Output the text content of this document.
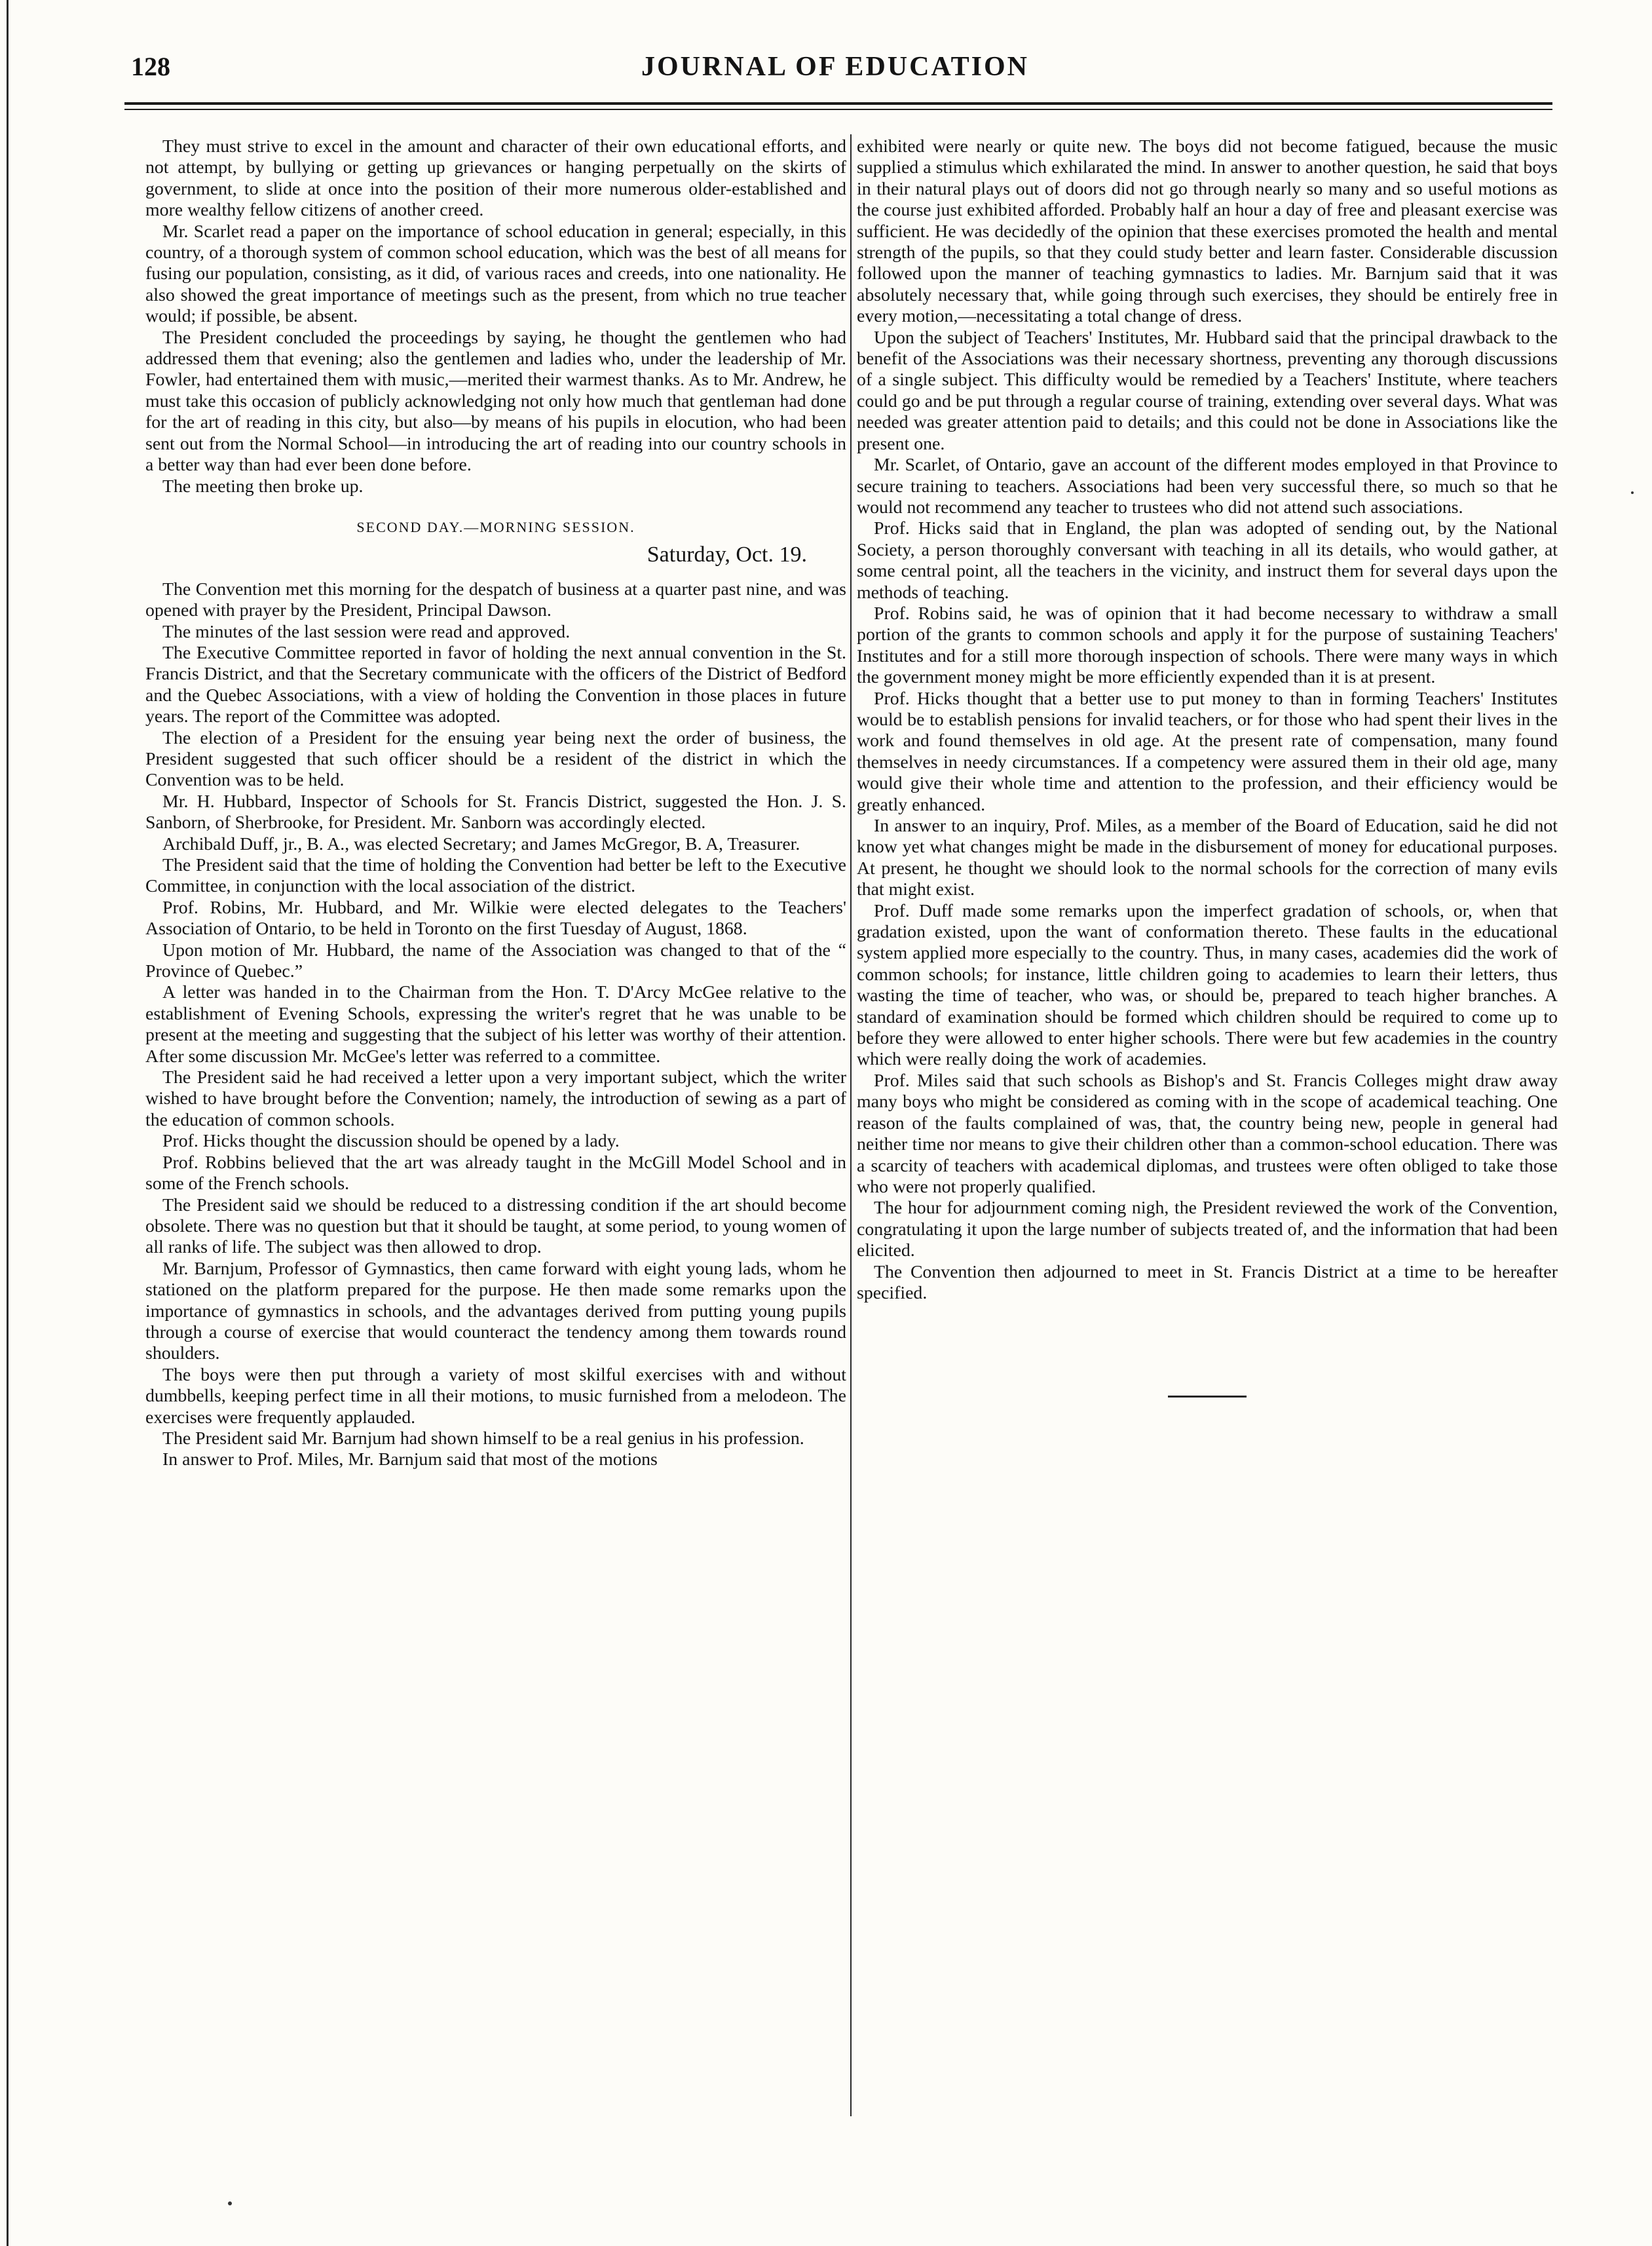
128	JOURNAL OF EDUCATION

They must strive to excel in the amount and character of their own educational efforts, and not attempt, by bullying or getting up grievances or hanging perpetually on the skirts of government, to slide at once into the position of their more numerous older-established and more wealthy fellow citizens of another creed.

Mr. Scarlet read a paper on the importance of school education in general; especially, in this country, of a thorough system of common school education, which was the best of all means for fusing our population, consisting, as it did, of various races and creeds, into one nationality. He also showed the great importance of meetings such as the present, from which no true teacher would; if possible, be absent.

The President concluded the proceedings by saying, he thought the gentlemen who had addressed them that evening; also the gentlemen and ladies who, under the leadership of Mr. Fowler, had entertained them with music,—merited their warmest thanks. As to Mr. Andrew, he must take this occasion of publicly acknowledging not only how much that gentleman had done for the art of reading in this city, but also—by means of his pupils in elocution, who had been sent out from the Normal School—in introducing the art of reading into our country schools in a better way than had ever been done before.

The meeting then broke up.

SECOND DAY.—MORNING SESSION.
Saturday, Oct. 19.

The Convention met this morning for the despatch of business at a quarter past nine, and was opened with prayer by the President, Principal Dawson.

The minutes of the last session were read and approved.

The Executive Committee reported in favor of holding the next annual convention in the St. Francis District, and that the Secretary communicate with the officers of the District of Bedford and the Quebec Associations, with a view of holding the Convention in those places in future years. The report of the Committee was adopted.

The election of a President for the ensuing year being next the order of business, the President suggested that such officer should be a resident of the district in which the Convention was to be held.

Mr. H. Hubbard, Inspector of Schools for St. Francis District, suggested the Hon. J. S. Sanborn, of Sherbrooke, for President. Mr. Sanborn was accordingly elected.

Archibald Duff, jr., B. A., was elected Secretary; and James McGregor, B. A, Treasurer.

The President said that the time of holding the Convention had better be left to the Executive Committee, in conjunction with the local association of the district.

Prof. Robins, Mr. Hubbard, and Mr. Wilkie were elected delegates to the Teachers' Association of Ontario, to be held in Toronto on the first Tuesday of August, 1868.

Upon motion of Mr. Hubbard, the name of the Association was changed to that of the “ Province of Quebec.”

A letter was handed in to the Chairman from the Hon. T. D'Arcy McGee relative to the establishment of Evening Schools, expressing the writer's regret that he was unable to be present at the meeting and suggesting that the subject of his letter was worthy of their attention. After some discussion Mr. McGee's letter was referred to a committee.

The President said he had received a letter upon a very important subject, which the writer wished to have brought before the Convention; namely, the introduction of sewing as a part of the education of common schools.

Prof. Hicks thought the discussion should be opened by a lady.

Prof. Robbins believed that the art was already taught in the McGill Model School and in some of the French schools.

The President said we should be reduced to a distressing condition if the art should become obsolete. There was no question but that it should be taught, at some period, to young women of all ranks of life. The subject was then allowed to drop.

Mr. Barnjum, Professor of Gymnastics, then came forward with eight young lads, whom he stationed on the platform prepared for the purpose. He then made some remarks upon the importance of gymnastics in schools, and the advantages derived from putting young pupils through a course of exercise that would counteract the tendency among them towards round shoulders.

The boys were then put through a variety of most skilful exercises with and without dumbbells, keeping perfect time in all their motions, to music furnished from a melodeon. The exercises were frequently applauded.

The President said Mr. Barnjum had shown himself to be a real genius in his profession.

In answer to Prof. Miles, Mr. Barnjum said that most of the motions

exhibited were nearly or quite new. The boys did not become fatigued, because the music supplied a stimulus which exhilarated the mind. In answer to another question, he said that boys in their natural plays out of doors did not go through nearly so many and so useful motions as the course just exhibited afforded. Probably half an hour a day of free and pleasant exercise was sufficient. He was decidedly of the opinion that these exercises promoted the health and mental strength of the pupils, so that they could study better and learn faster. Considerable discussion followed upon the manner of teaching gymnastics to ladies. Mr. Barnjum said that it was absolutely necessary that, while going through such exercises, they should be entirely free in every motion,—necessitating a total change of dress.

Upon the subject of Teachers' Institutes, Mr. Hubbard said that the principal drawback to the benefit of the Associations was their necessary shortness, preventing any thorough discussions of a single subject. This difficulty would be remedied by a Teachers' Institute, where teachers could go and be put through a regular course of training, extending over several days. What was needed was greater attention paid to details; and this could not be done in Associations like the present one.

Mr. Scarlet, of Ontario, gave an account of the different modes employed in that Province to secure training to teachers. Associations had been very successful there, so much so that he would not recommend any teacher to trustees who did not attend such associations.

Prof. Hicks said that in England, the plan was adopted of sending out, by the National Society, a person thoroughly conversant with teaching in all its details, who would gather, at some central point, all the teachers in the vicinity, and instruct them for several days upon the methods of teaching.

Prof. Robins said, he was of opinion that it had become necessary to withdraw a small portion of the grants to common schools and apply it for the purpose of sustaining Teachers' Institutes and for a still more thorough inspection of schools. There were many ways in which the government money might be more efficiently expended than it is at present.

Prof. Hicks thought that a better use to put money to than in forming Teachers' Institutes would be to establish pensions for invalid teachers, or for those who had spent their lives in the work and found themselves in old age. At the present rate of compensation, many found themselves in needy circumstances. If a competency were assured them in their old age, many would give their whole time and attention to the profession, and their efficiency would be greatly enhanced.

In answer to an inquiry, Prof. Miles, as a member of the Board of Education, said he did not know yet what changes might be made in the disbursement of money for educational purposes. At present, he thought we should look to the normal schools for the correction of many evils that might exist.

Prof. Duff made some remarks upon the imperfect gradation of schools, or, when that gradation existed, upon the want of conformation thereto. These faults in the educational system applied more especially to the country. Thus, in many cases, academies did the work of common schools; for instance, little children going to academies to learn their letters, thus wasting the time of teacher, who was, or should be, prepared to teach higher branches. A standard of examination should be formed which children should be required to come up to before they were allowed to enter higher schools. There were but few academies in the country which were really doing the work of academies.

Prof. Miles said that such schools as Bishop's and St. Francis Colleges might draw away many boys who might be considered as coming with in the scope of academical teaching. One reason of the faults complained of was, that, the country being new, people in general had neither time nor means to give their children other than a common-school education. There was a scarcity of teachers with academical diplomas, and trustees were often obliged to take those who were not properly qualified.

The hour for adjournment coming nigh, the President reviewed the work of the Convention, congratulating it upon the large number of subjects treated of, and the information that had been elicited.

The Convention then adjourned to meet in St. Francis District at a time to be hereafter specified.
